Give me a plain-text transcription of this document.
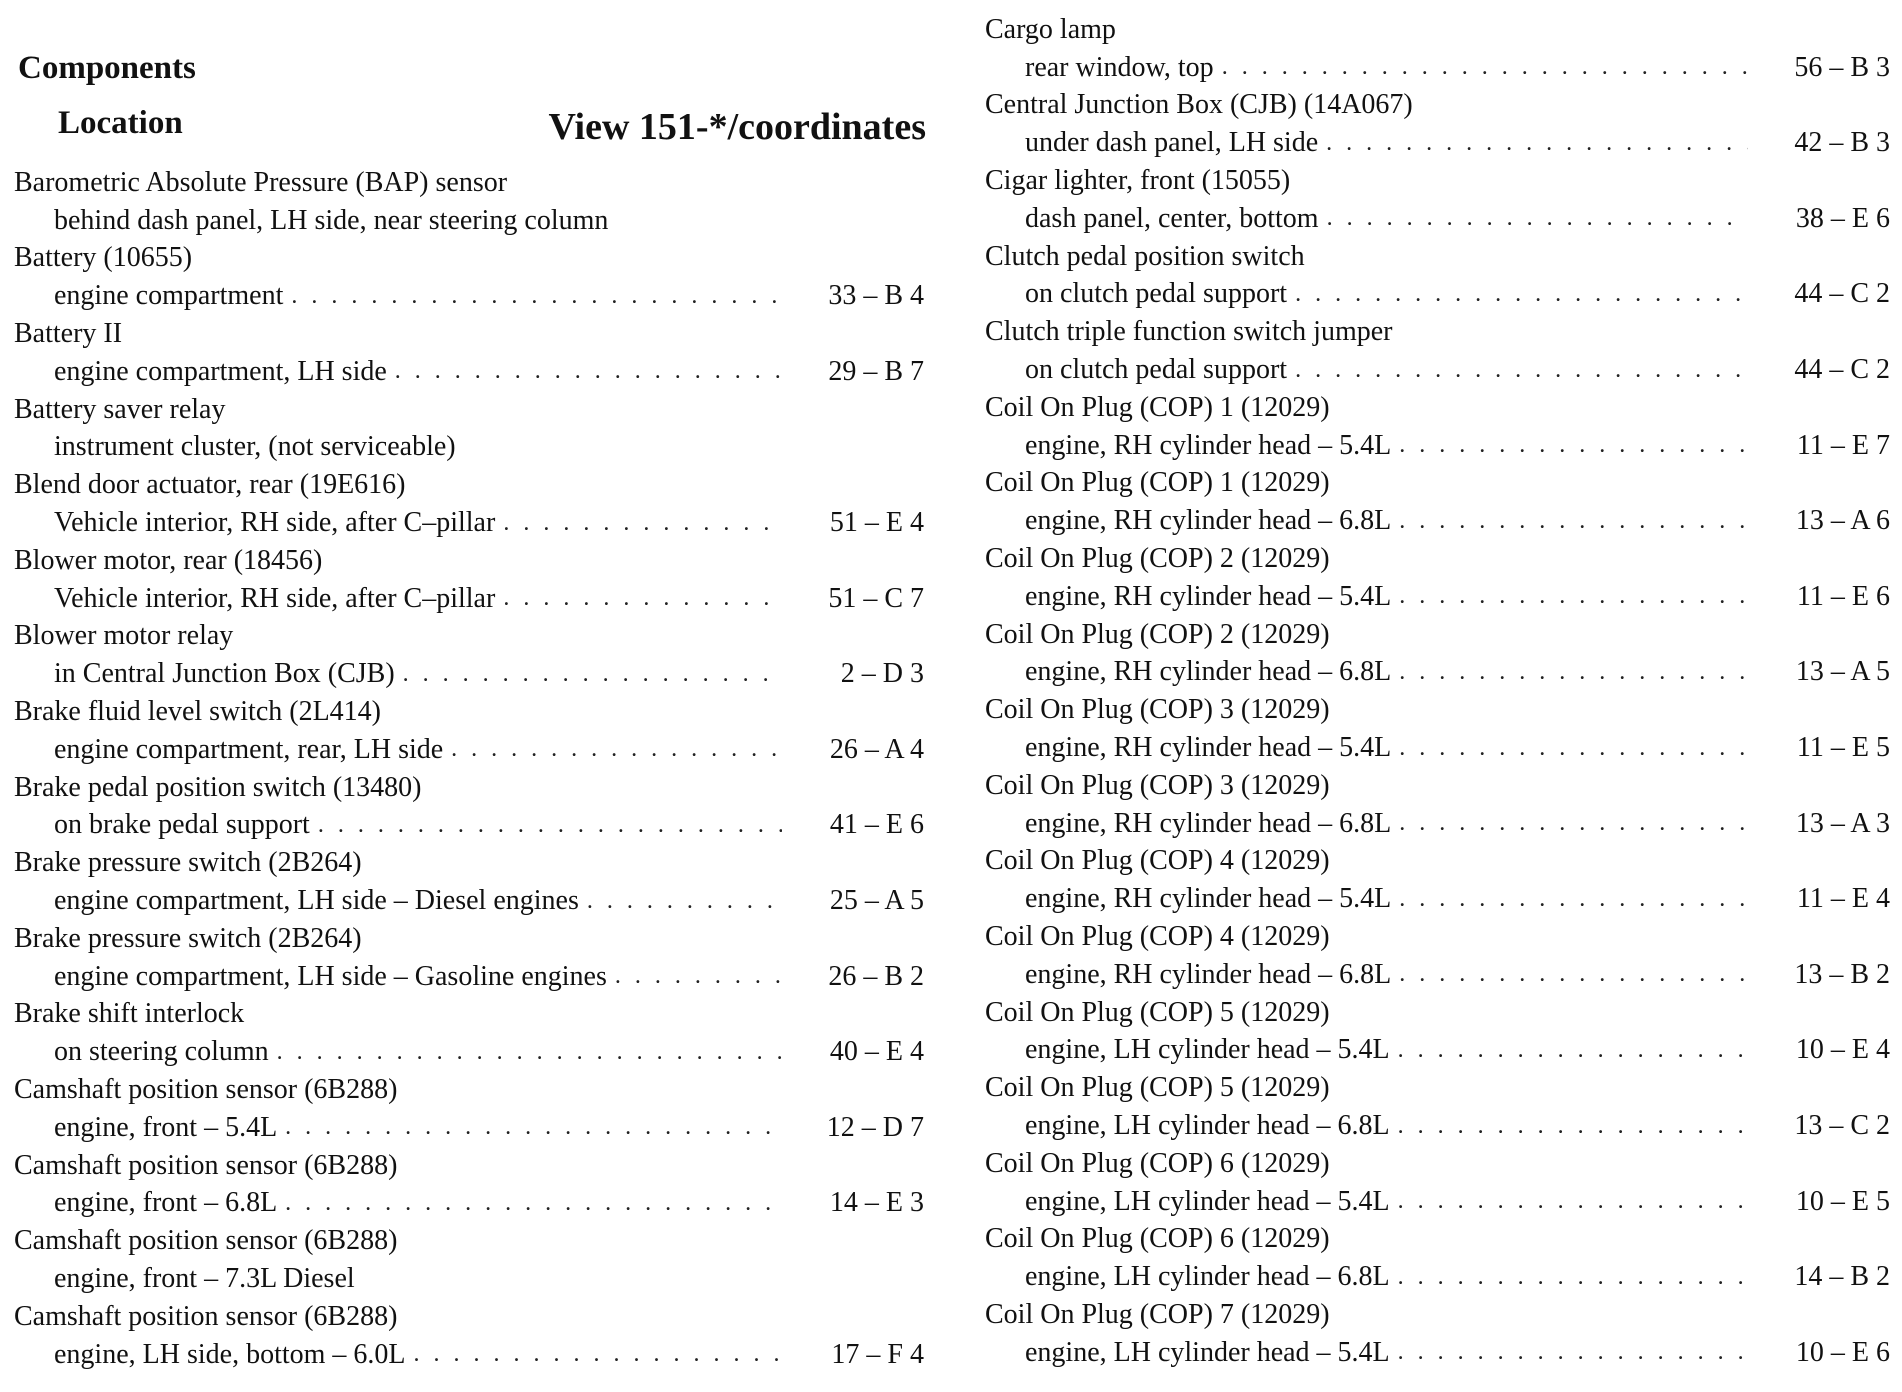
Components
Location	View 151-*/coordinates
Barometric Absolute Pressure (BAP) sensor
behind dash panel, LH side, near steering column
Battery (10655)
engine compartment . . .	33 – B 4
Battery II
engine compartment, LH side . . .	29 – B 7
Battery saver relay
instrument cluster, (not serviceable)
Blend door actuator, rear (19E616)
Vehicle interior, RH side, after C–pillar . . .	51 – E 4
Blower motor, rear (18456)
Vehicle interior, RH side, after C–pillar . . .	51 – C 7
Blower motor relay
in Central Junction Box (CJB) . . .	2 – D 3
Brake fluid level switch (2L414)
engine compartment, rear, LH side . . .	26 – A 4
Brake pedal position switch (13480)
on brake pedal support . . .	41 – E 6
Brake pressure switch (2B264)
engine compartment, LH side – Diesel engines . . .	25 – A 5
Brake pressure switch (2B264)
engine compartment, LH side – Gasoline engines . . .	26 – B 2
Brake shift interlock
on steering column . . .	40 – E 4
Camshaft position sensor (6B288)
engine, front – 5.4L . . .	12 – D 7
Camshaft position sensor (6B288)
engine, front – 6.8L . . .	14 – E 3
Camshaft position sensor (6B288)
engine, front – 7.3L Diesel
Camshaft position sensor (6B288)
engine, LH side, bottom – 6.0L . . .	17 – F 4
Cargo lamp
rear window, top . . .	56 – B 3
Central Junction Box (CJB) (14A067)
under dash panel, LH side . . .	42 – B 3
Cigar lighter, front (15055)
dash panel, center, bottom . . .	38 – E 6
Clutch pedal position switch
on clutch pedal support . . .	44 – C 2
Clutch triple function switch jumper
on clutch pedal support . . .	44 – C 2
Coil On Plug (COP) 1 (12029)
engine, RH cylinder head – 5.4L . . .	11 – E 7
Coil On Plug (COP) 1 (12029)
engine, RH cylinder head – 6.8L . . .	13 – A 6
Coil On Plug (COP) 2 (12029)
engine, RH cylinder head – 5.4L . . .	11 – E 6
Coil On Plug (COP) 2 (12029)
engine, RH cylinder head – 6.8L . . .	13 – A 5
Coil On Plug (COP) 3 (12029)
engine, RH cylinder head – 5.4L . . .	11 – E 5
Coil On Plug (COP) 3 (12029)
engine, RH cylinder head – 6.8L . . .	13 – A 3
Coil On Plug (COP) 4 (12029)
engine, RH cylinder head – 5.4L . . .	11 – E 4
Coil On Plug (COP) 4 (12029)
engine, RH cylinder head – 6.8L . . .	13 – B 2
Coil On Plug (COP) 5 (12029)
engine, LH cylinder head – 5.4L . . .	10 – E 4
Coil On Plug (COP) 5 (12029)
engine, LH cylinder head – 6.8L . . .	13 – C 2
Coil On Plug (COP) 6 (12029)
engine, LH cylinder head – 5.4L . . .	10 – E 5
Coil On Plug (COP) 6 (12029)
engine, LH cylinder head – 6.8L . . .	14 – B 2
Coil On Plug (COP) 7 (12029)
engine, LH cylinder head – 5.4L . . .	10 – E 6
